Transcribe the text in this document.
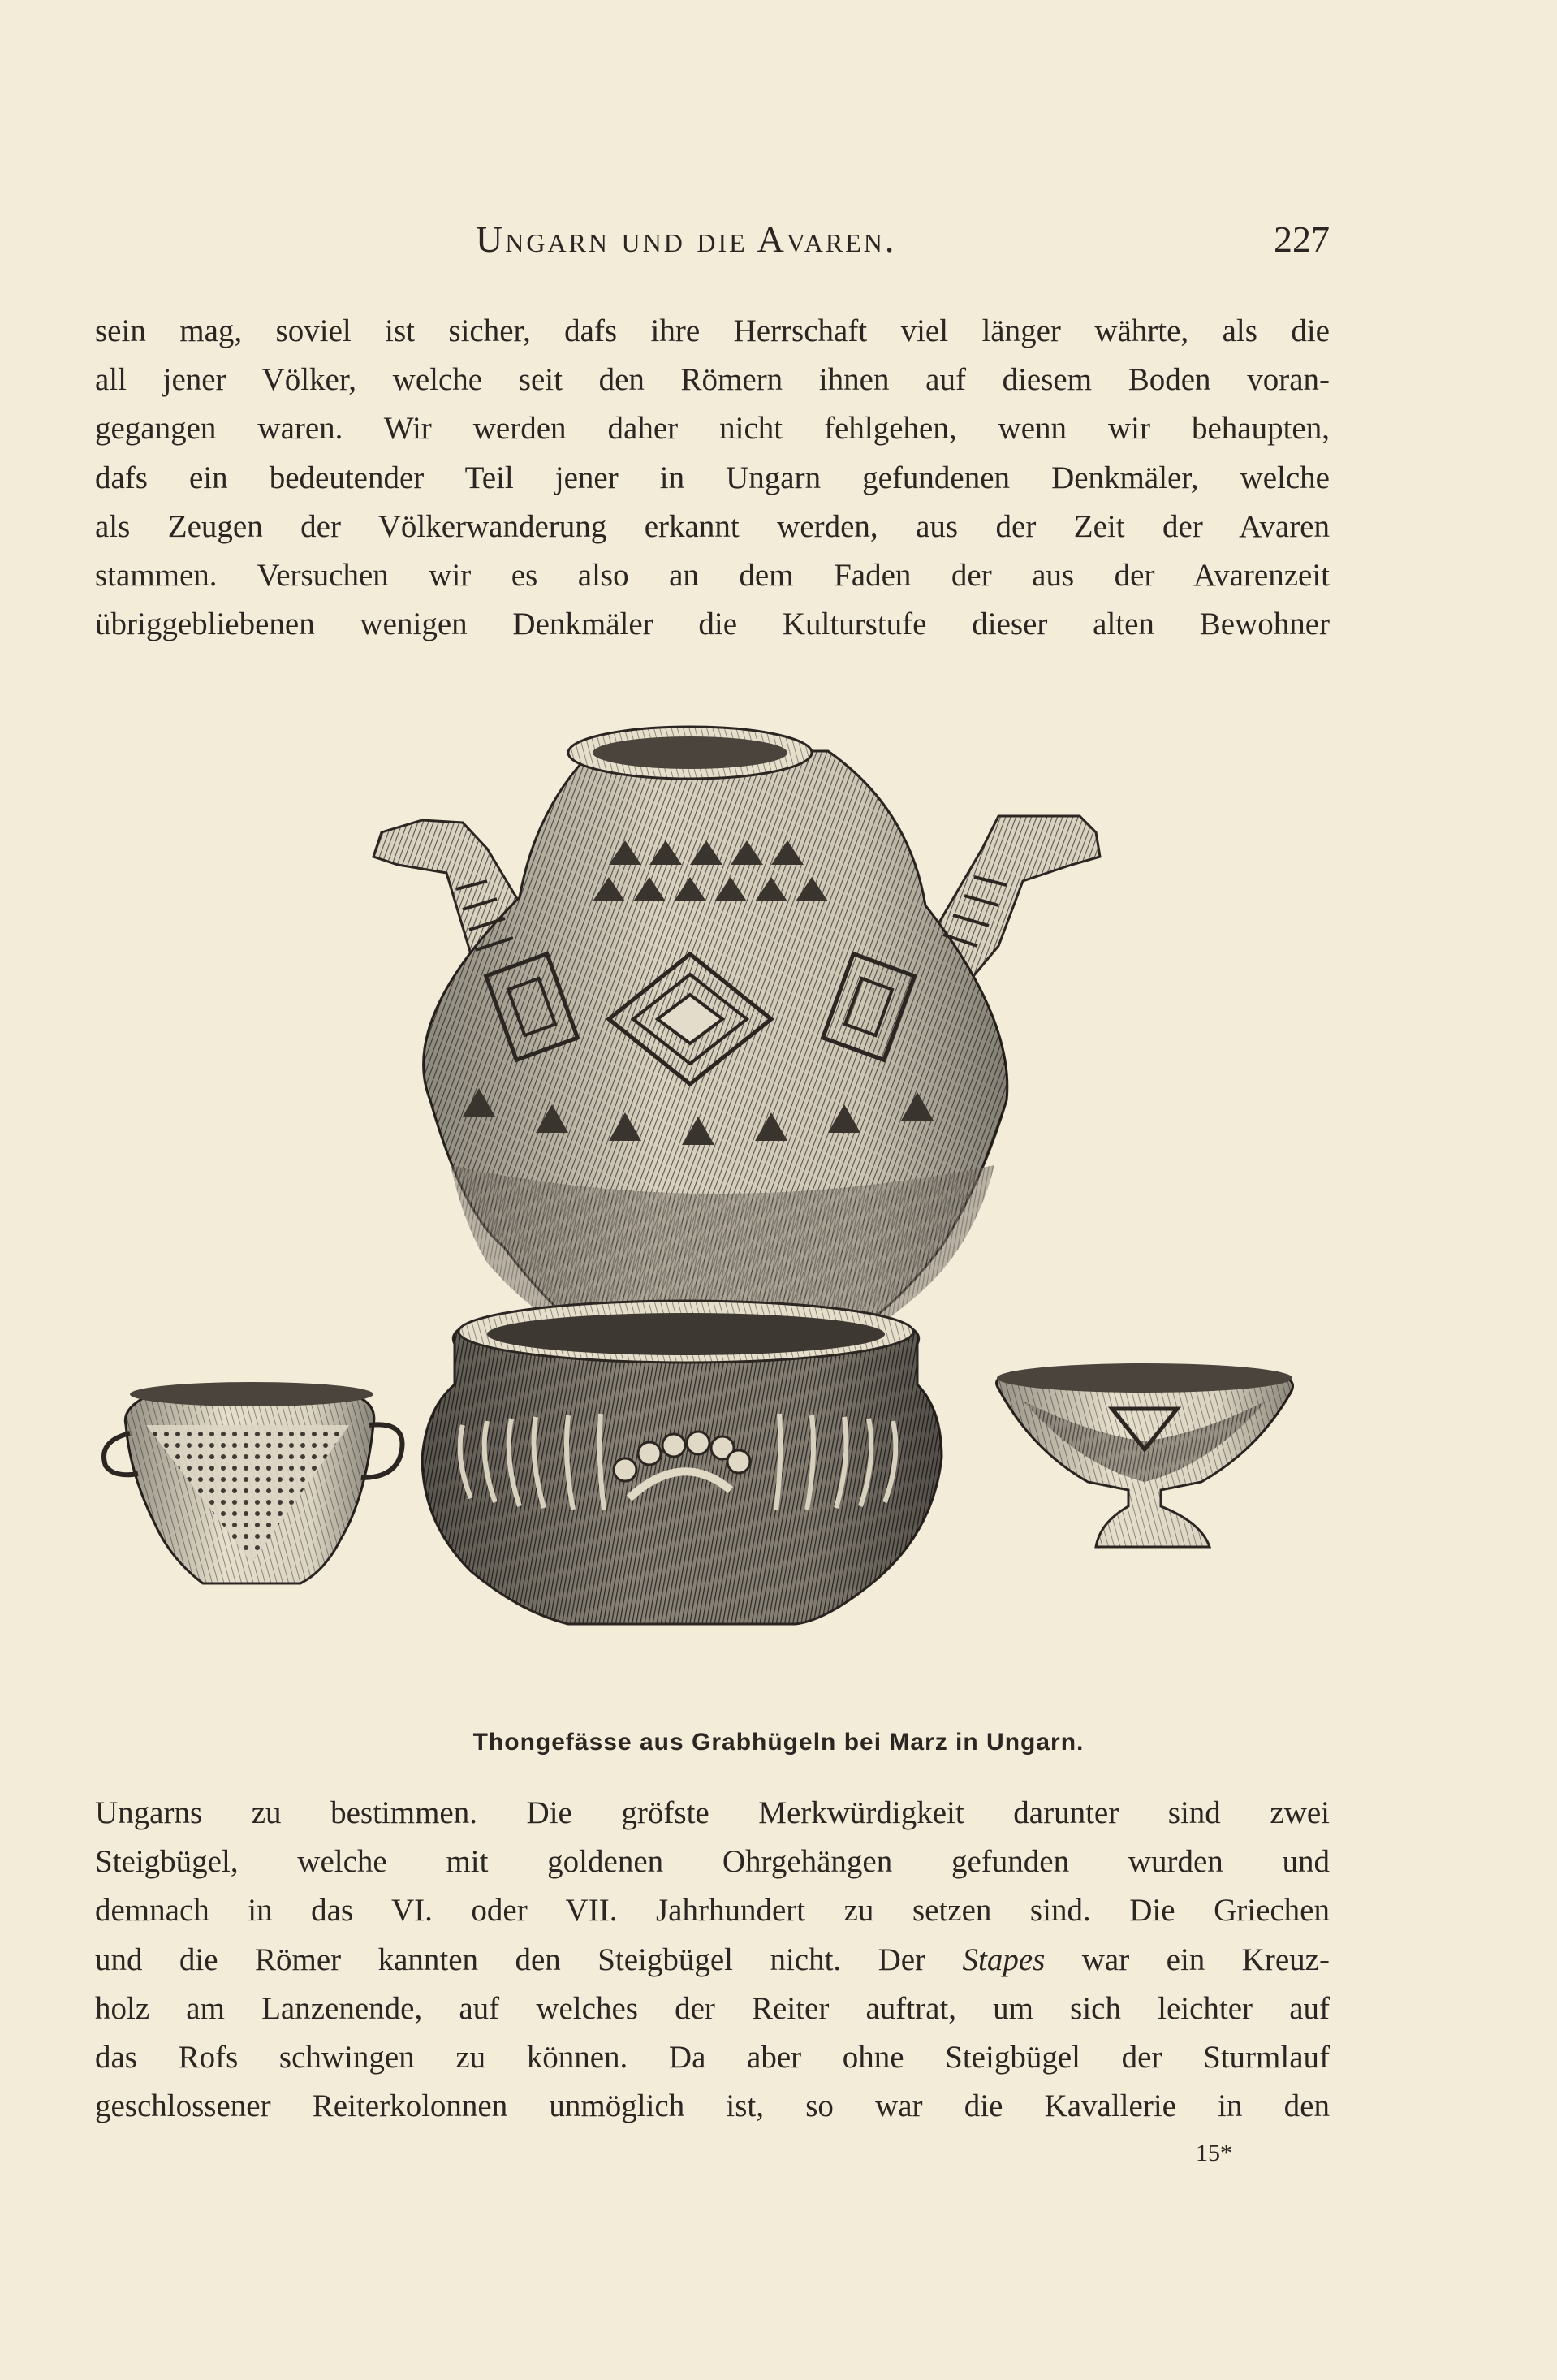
Ungarn und die Avaren.	227
sein mag, soviel ist sicher, dafs ihre Herrschaft viel länger währte, als die
all jener Völker, welche seit den Römern ihnen auf diesem Boden voran-
gegangen waren. Wir werden daher nicht fehlgehen, wenn wir behaupten,
dafs ein bedeutender Teil jener in Ungarn gefundenen Denkmäler, welche
als Zeugen der Völkerwanderung erkannt werden, aus der Zeit der Avaren
stammen. Versuchen wir es also an dem Faden der aus der Avarenzeit
übriggebliebenen wenigen Denkmäler die Kulturstufe dieser alten Bewohner
Thongefässe aus Grabhügeln bei Marz in Ungarn.
Ungarns zu bestimmen. Die gröfste Merkwürdigkeit darunter sind zwei
Steigbügel, welche mit goldenen Ohrgehängen gefunden wurden und
demnach in das VI. oder VII. Jahrhundert zu setzen sind. Die Griechen
und die Römer kannten den Steigbügel nicht. Der Stapes war ein Kreuz-
holz am Lanzenende, auf welches der Reiter auftrat, um sich leichter auf
das Rofs schwingen zu können. Da aber ohne Steigbügel der Sturmlauf
geschlossener Reiterkolonnen unmöglich ist, so war die Kavallerie in den
15*
